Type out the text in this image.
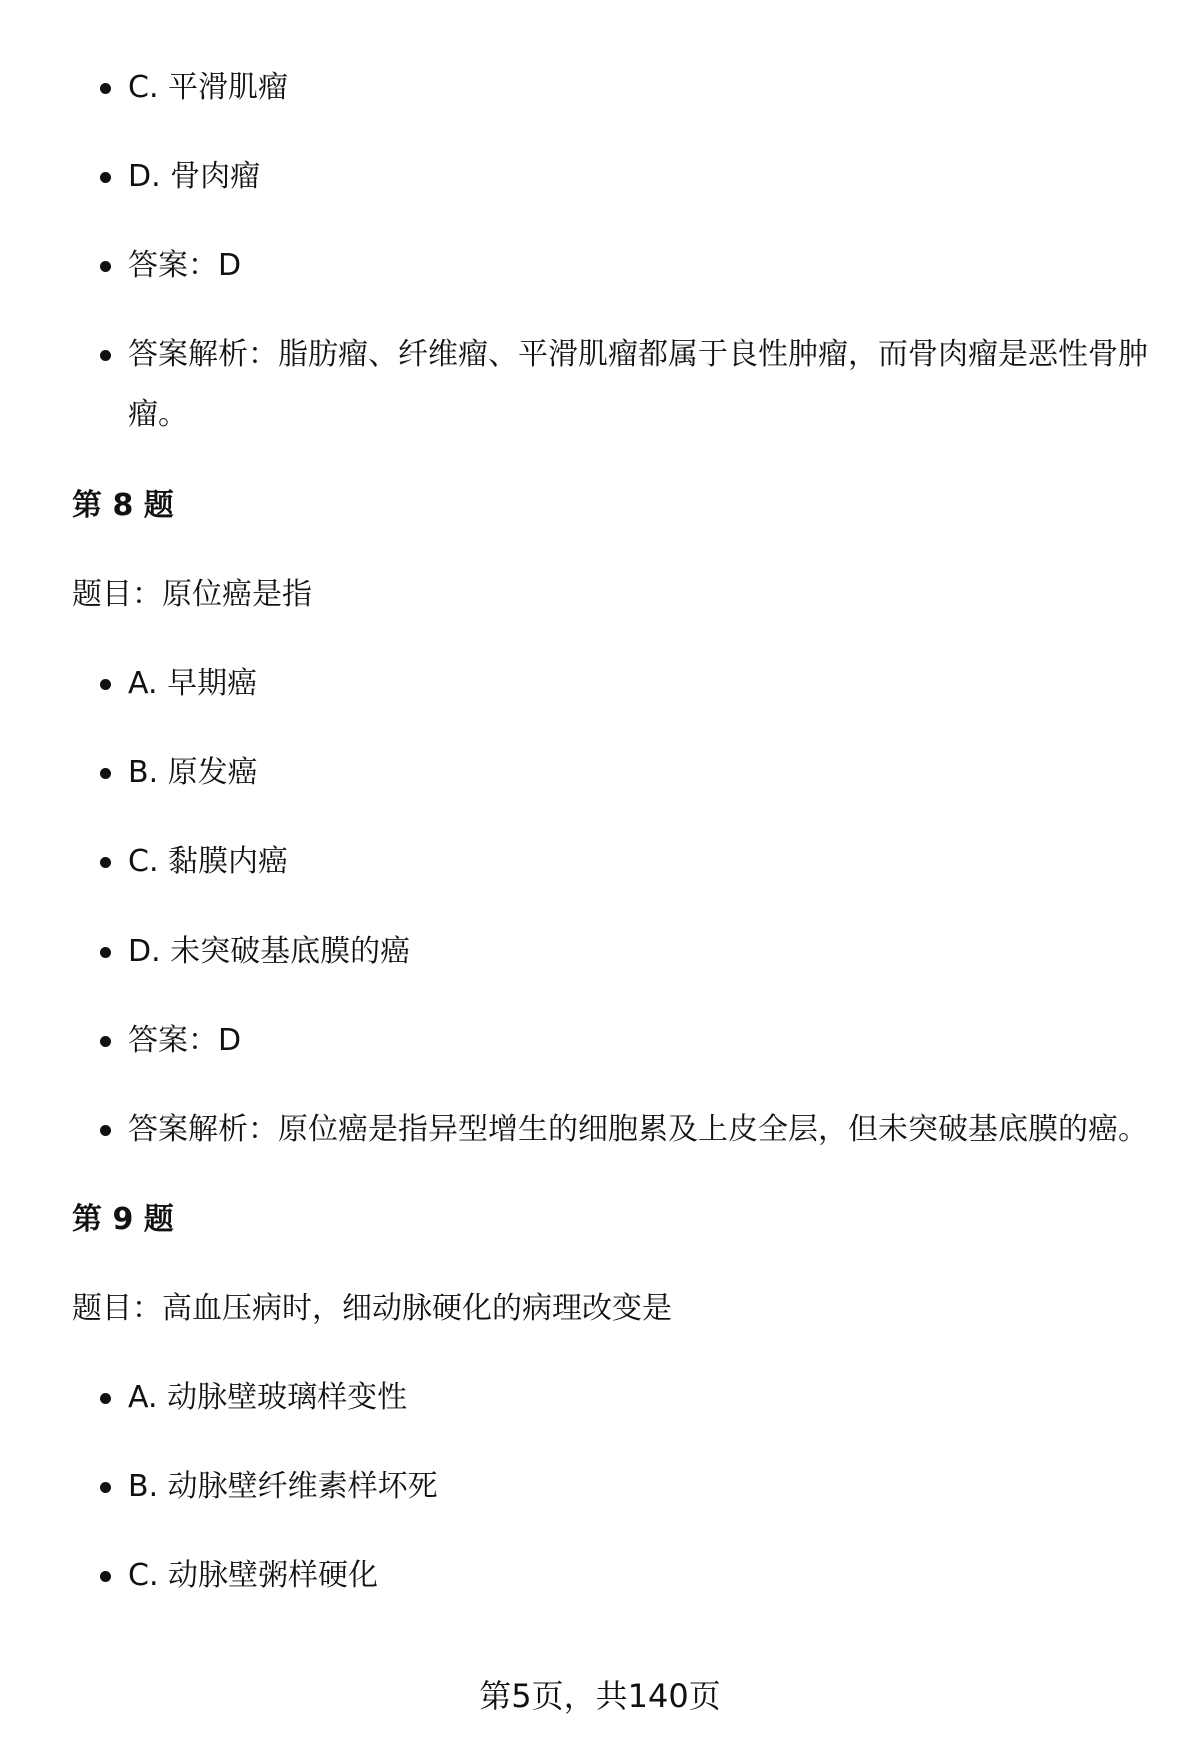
C. 平滑肌瘤
D. 骨肉瘤
答案：D
答案解析：脂肪瘤、纤维瘤、平滑肌瘤都属于良性肿瘤，而骨肉瘤是恶性骨肿瘤。
第 8 题
题目：原位癌是指
A. 早期癌
B. 原发癌
C. 黏膜内癌
D. 未突破基底膜的癌
答案：D
答案解析：原位癌是指异型增生的细胞累及上皮全层，但未突破基底膜的癌。
第 9 题
题目：高血压病时，细动脉硬化的病理改变是
A. 动脉壁玻璃样变性
B. 动脉壁纤维素样坏死
C. 动脉壁粥样硬化
第5页，共140页
